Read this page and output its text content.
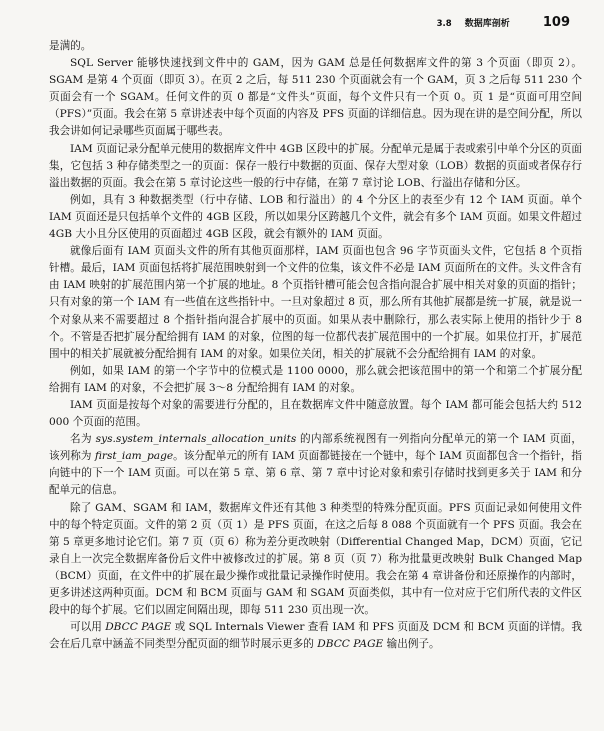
3.8 数据库剖析	109

是满的。

SQL Server 能够快速找到文件中的 GAM，因为 GAM 总是任何数据库文件的第 3 个页面（即页 2）。SGAM 是第 4 个页面（即页 3）。在页 2 之后，每 511 230 个页面就会有一个 GAM，页 3 之后每 511 230 个页面会有一个 SGAM。任何文件的页 0 都是“文件头”页面，每个文件只有一个页 0。页 1 是“页面可用空间（PFS）”页面。我会在第 5 章讲述表中每个页面的内容及 PFS 页面的详细信息。因为现在讲的是空间分配，所以我会讲如何记录哪些页面属于哪些表。

IAM 页面记录分配单元使用的数据库文件中 4GB 区段中的扩展。分配单元是属于表或索引中单个分区的页面集，它包括 3 种存储类型之一的页面：保存一般行中数据的页面、保存大型对象（LOB）数据的页面或者保存行溢出数据的页面。我会在第 5 章讨论这些一般的行中存储，在第 7 章讨论 LOB、行溢出存储和分区。

例如，具有 3 种数据类型（行中存储、LOB 和行溢出）的 4 个分区上的表至少有 12 个 IAM 页面。单个 IAM 页面还是只包括单个文件的 4GB 区段，所以如果分区跨越几个文件，就会有多个 IAM 页面。如果文件超过 4GB 大小且分区使用的页面超过 4GB 区段，就会有额外的 IAM 页面。

就像后面有 IAM 页面头文件的所有其他页面那样，IAM 页面也包含 96 字节页面头文件，它包括 8 个页指针槽。最后，IAM 页面包括将扩展范围映射到一个文件的位集，该文件不必是 IAM 页面所在的文件。头文件含有由 IAM 映射的扩展范围内第一个扩展的地址。8 个页指针槽可能会包含指向混合扩展中相关对象的页面的指针；只有对象的第一个 IAM 有一些值在这些指针中。一旦对象超过 8 页，那么所有其他扩展都是统一扩展，就是说一个对象从来不需要超过 8 个指针指向混合扩展中的页面。如果从表中删除行，那么表实际上使用的指针少于 8 个。不管是否把扩展分配给拥有 IAM 的对象，位图的每一位都代表扩展范围中的一个扩展。如果位打开，扩展范围中的相关扩展就被分配给拥有 IAM 的对象。如果位关闭，相关的扩展就不会分配给拥有 IAM 的对象。

例如，如果 IAM 的第一个字节中的位模式是 1100 0000，那么就会把该范围中的第一个和第二个扩展分配给拥有 IAM 的对象，不会把扩展 3～8 分配给拥有 IAM 的对象。

IAM 页面是按每个对象的需要进行分配的，且在数据库文件中随意放置。每个 IAM 都可能会包括大约 512 000 个页面的范围。

名为 sys.system_internals_allocation_units 的内部系统视图有一列指向分配单元的第一个 IAM 页面，该列称为 first_iam_page。该分配单元的所有 IAM 页面都链接在一个链中，每个 IAM 页面都包含一个指针，指向链中的下一个 IAM 页面。可以在第 5 章、第 6 章、第 7 章中讨论对象和索引存储时找到更多关于 IAM 和分配单元的信息。

除了 GAM、SGAM 和 IAM，数据库文件还有其他 3 种类型的特殊分配页面。PFS 页面记录如何使用文件中的每个特定页面。文件的第 2 页（页 1）是 PFS 页面，在这之后每 8 088 个页面就有一个 PFS 页面。我会在第 5 章更多地讨论它们。第 7 页（页 6）称为差分更改映射（Differential Changed Map，DCM）页面，它记录自上一次完全数据库备份后文件中被修改过的扩展。第 8 页（页 7）称为批量更改映射 Bulk Changed Map（BCM）页面，在文件中的扩展在最少操作或批量记录操作时使用。我会在第 4 章讲备份和还原操作的内部时，更多讲述这两种页面。DCM 和 BCM 页面与 GAM 和 SGAM 页面类似，其中有一位对应于它们所代表的文件区段中的每个扩展。它们以固定间隔出现，即每 511 230 页出现一次。

可以用 DBCC PAGE 或 SQL Internals Viewer 查看 IAM 和 PFS 页面及 DCM 和 BCM 页面的详情。我会在后几章中涵盖不同类型分配页面的细节时展示更多的 DBCC PAGE 输出例子。
